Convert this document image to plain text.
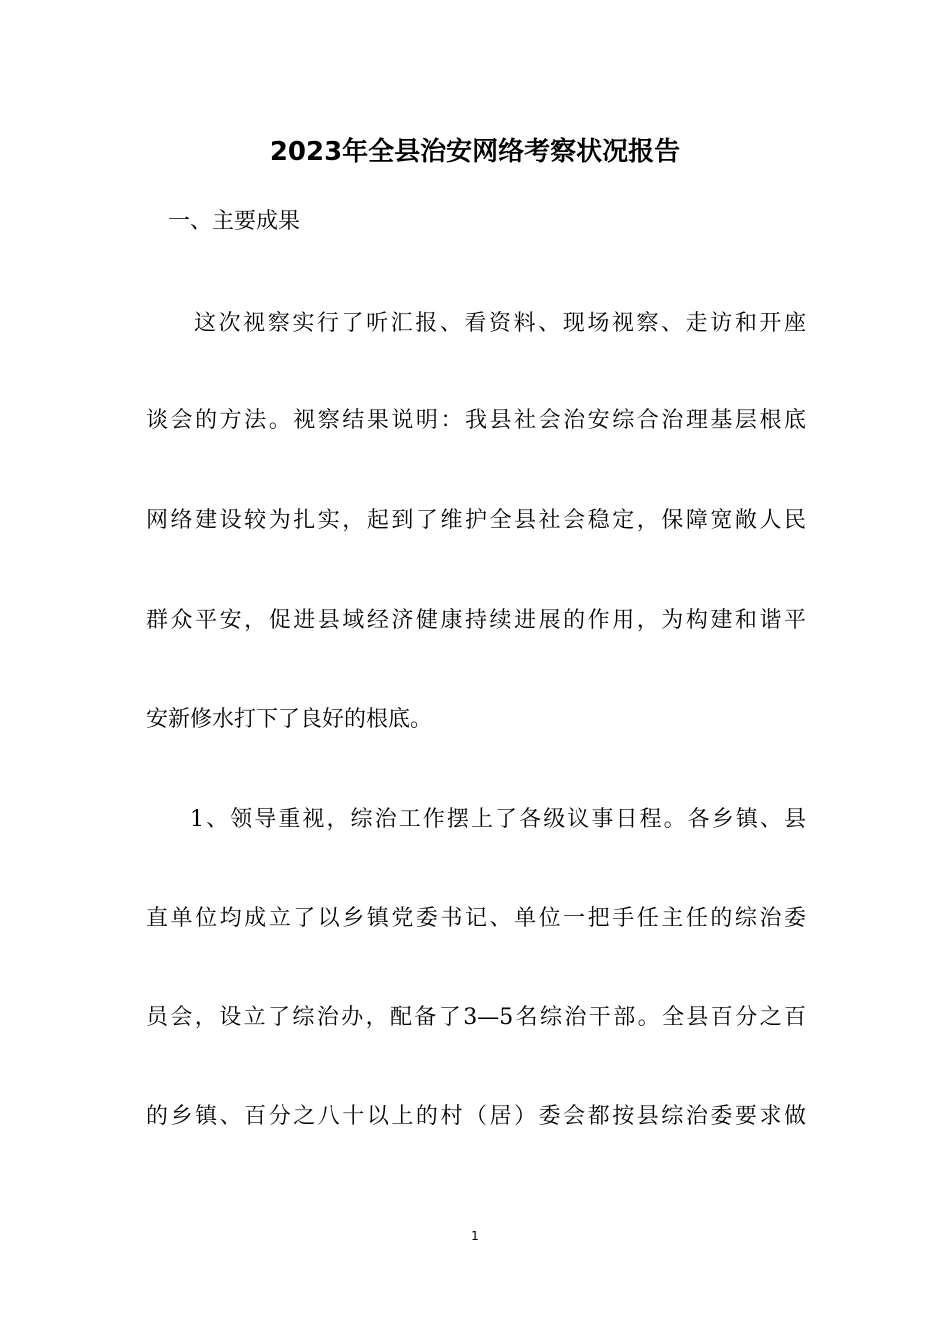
2023年全县治安网络考察状况报告
一、主要成果
这次视察实行了听汇报、看资料、现场视察、走访和开座
谈会的方法。视察结果说明：我县社会治安综合治理基层根底
网络建设较为扎实，起到了维护全县社会稳定，保障宽敞人民
群众平安，促进县域经济健康持续进展的作用，为构建和谐平
安新修水打下了良好的根底。
1、领导重视，综治工作摆上了各级议事日程。各乡镇、县
直单位均成立了以乡镇党委书记、单位一把手任主任的综治委
员会，设立了综治办，配备了3—5名综治干部。全县百分之百
的乡镇、百分之八十以上的村（居）委会都按县综治委要求做
1
